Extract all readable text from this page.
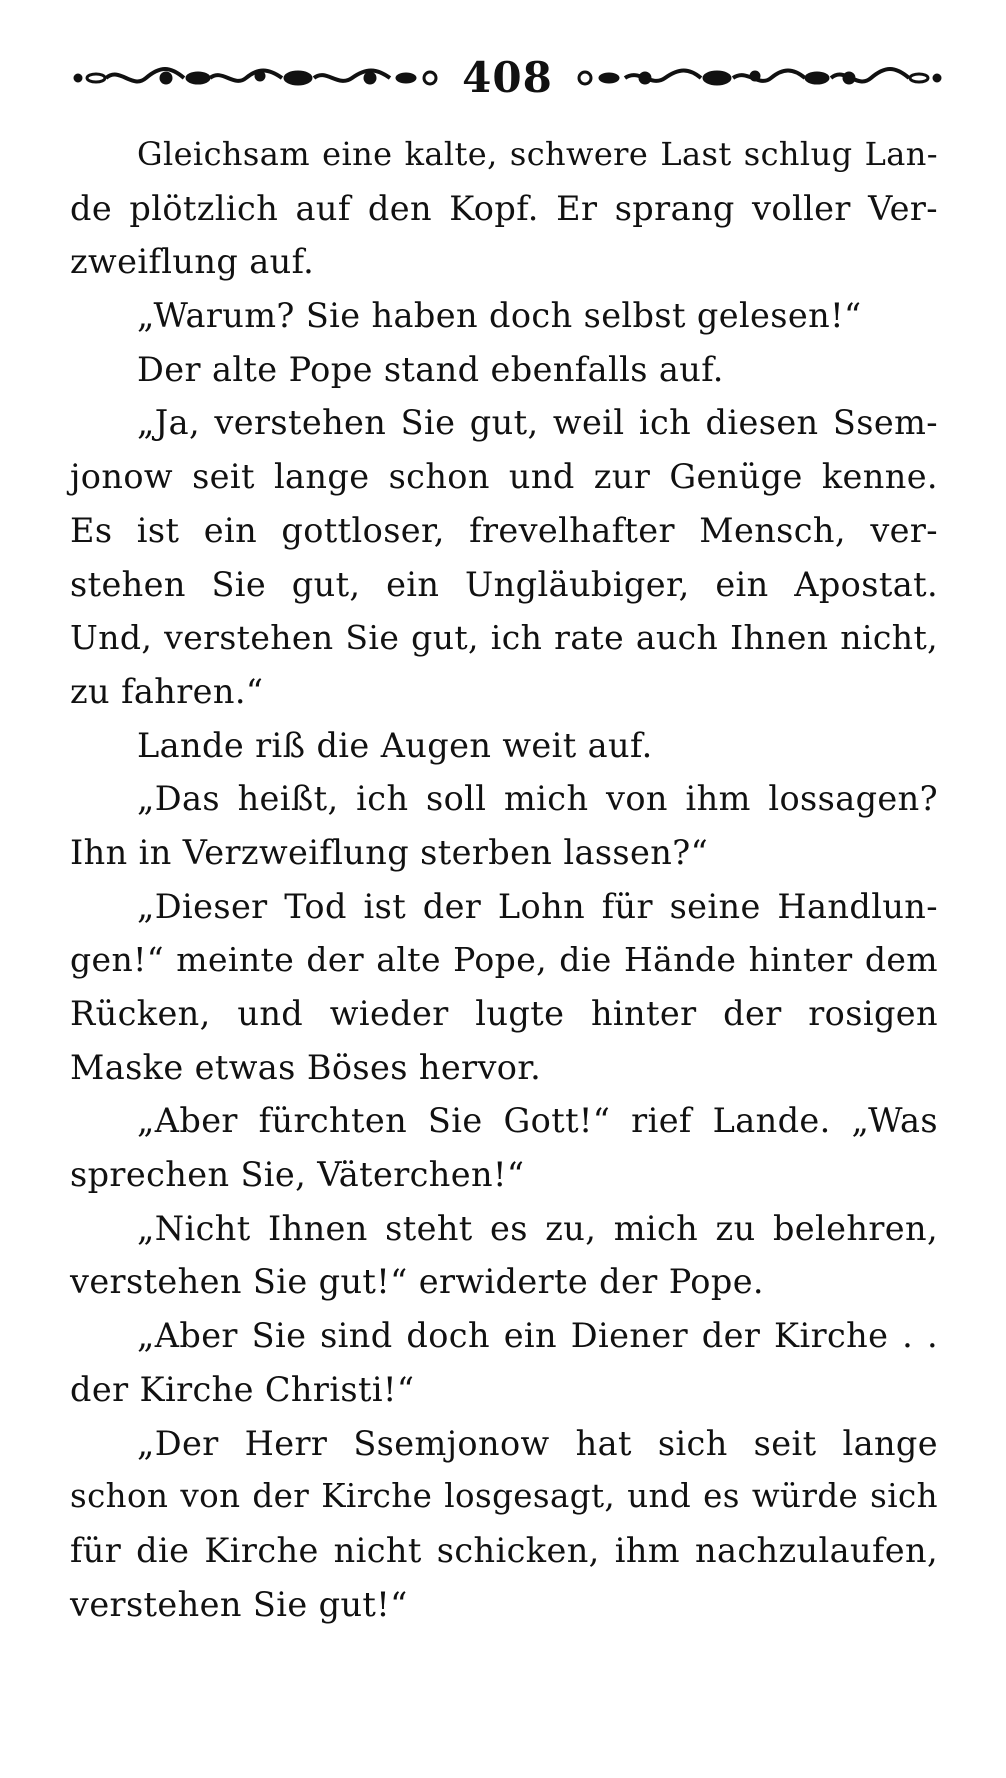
408
Gleichsam eine kalte, schwere Last schlug Lan-
de plötzlich auf den Kopf. Er sprang voller Ver-
zweiflung auf.
„Warum? Sie haben doch selbst gelesen!“
Der alte Pope stand ebenfalls auf.
„Ja, verstehen Sie gut, weil ich diesen Ssem-
jonow seit lange schon und zur Genüge kenne.
Es ist ein gottloser, frevelhafter Mensch, ver-
stehen Sie gut, ein Ungläubiger, ein Apostat.
Und, verstehen Sie gut, ich rate auch Ihnen nicht,
zu fahren.“
Lande riß die Augen weit auf.
„Das heißt, ich soll mich von ihm lossagen?
Ihn in Verzweiflung sterben lassen?“
„Dieser Tod ist der Lohn für seine Handlun-
gen!“ meinte der alte Pope, die Hände hinter dem
Rücken, und wieder lugte hinter der rosigen
Maske etwas Böses hervor.
„Aber fürchten Sie Gott!“ rief Lande. „Was
sprechen Sie, Väterchen!“
„Nicht Ihnen steht es zu, mich zu belehren,
verstehen Sie gut!“ erwiderte der Pope.
„Aber Sie sind doch ein Diener der Kirche . .
der Kirche Christi!“
„Der Herr Ssemjonow hat sich seit lange
schon von der Kirche losgesagt, und es würde sich
für die Kirche nicht schicken, ihm nachzulaufen,
verstehen Sie gut!“
